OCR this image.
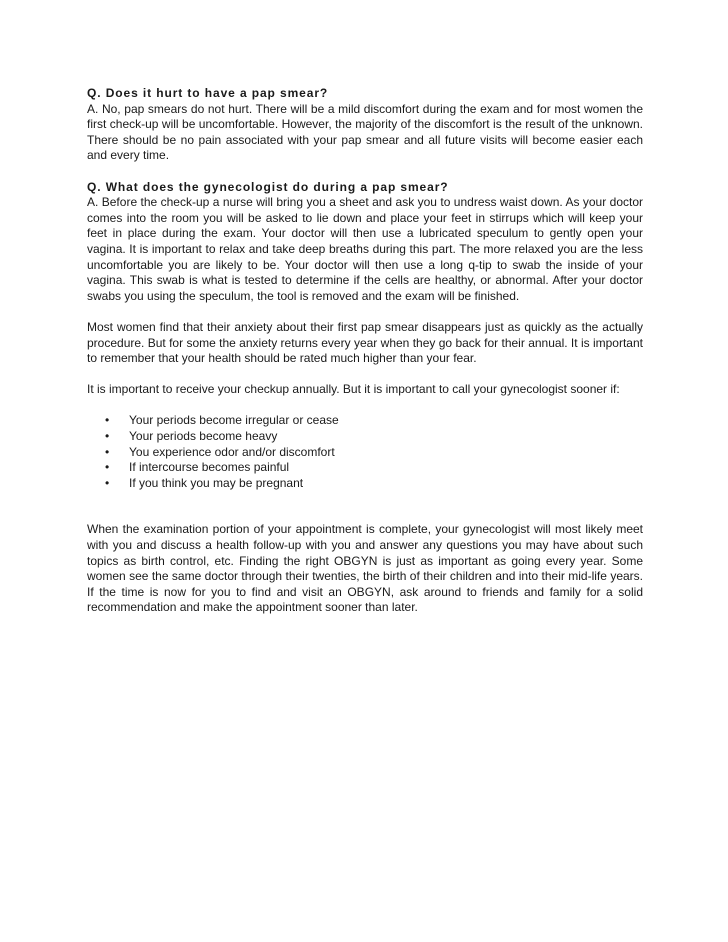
Q. Does it hurt to have a pap smear?

A. No, pap smears do not hurt. There will be a mild discomfort during the exam and for most women the first check-up will be uncomfortable. However, the majority of the discomfort is the result of the unknown. There should be no pain associated with your pap smear and all future visits will become easier each and every time.

Q. What does the gynecologist do during a pap smear?

A. Before the check-up a nurse will bring you a sheet and ask you to undress waist down. As your doctor comes into the room you will be asked to lie down and place your feet in stirrups which will keep your feet in place during the exam. Your doctor will then use a lubricated speculum to gently open your vagina. It is important to relax and take deep breaths during this part. The more relaxed you are the less uncomfortable you are likely to be. Your doctor will then use a long q-tip to swab the inside of your vagina. This swab is what is tested to determine if the cells are healthy, or abnormal. After your doctor swabs you using the speculum, the tool is removed and the exam will be finished.

Most women find that their anxiety about their first pap smear disappears just as quickly as the actually procedure. But for some the anxiety returns every year when they go back for their annual. It is important to remember that your health should be rated much higher than your fear.

It is important to receive your checkup annually. But it is important to call your gynecologist sooner if:

• Your periods become irregular or cease
• Your periods become heavy
• You experience odor and/or discomfort
• If intercourse becomes painful
• If you think you may be pregnant

When the examination portion of your appointment is complete, your gynecologist will most likely meet with you and discuss a health follow-up with you and answer any questions you may have about such topics as birth control, etc. Finding the right OBGYN is just as important as going every year. Some women see the same doctor through their twenties, the birth of their children and into their mid-life years. If the time is now for you to find and visit an OBGYN, ask around to friends and family for a solid recommendation and make the appointment sooner than later.
